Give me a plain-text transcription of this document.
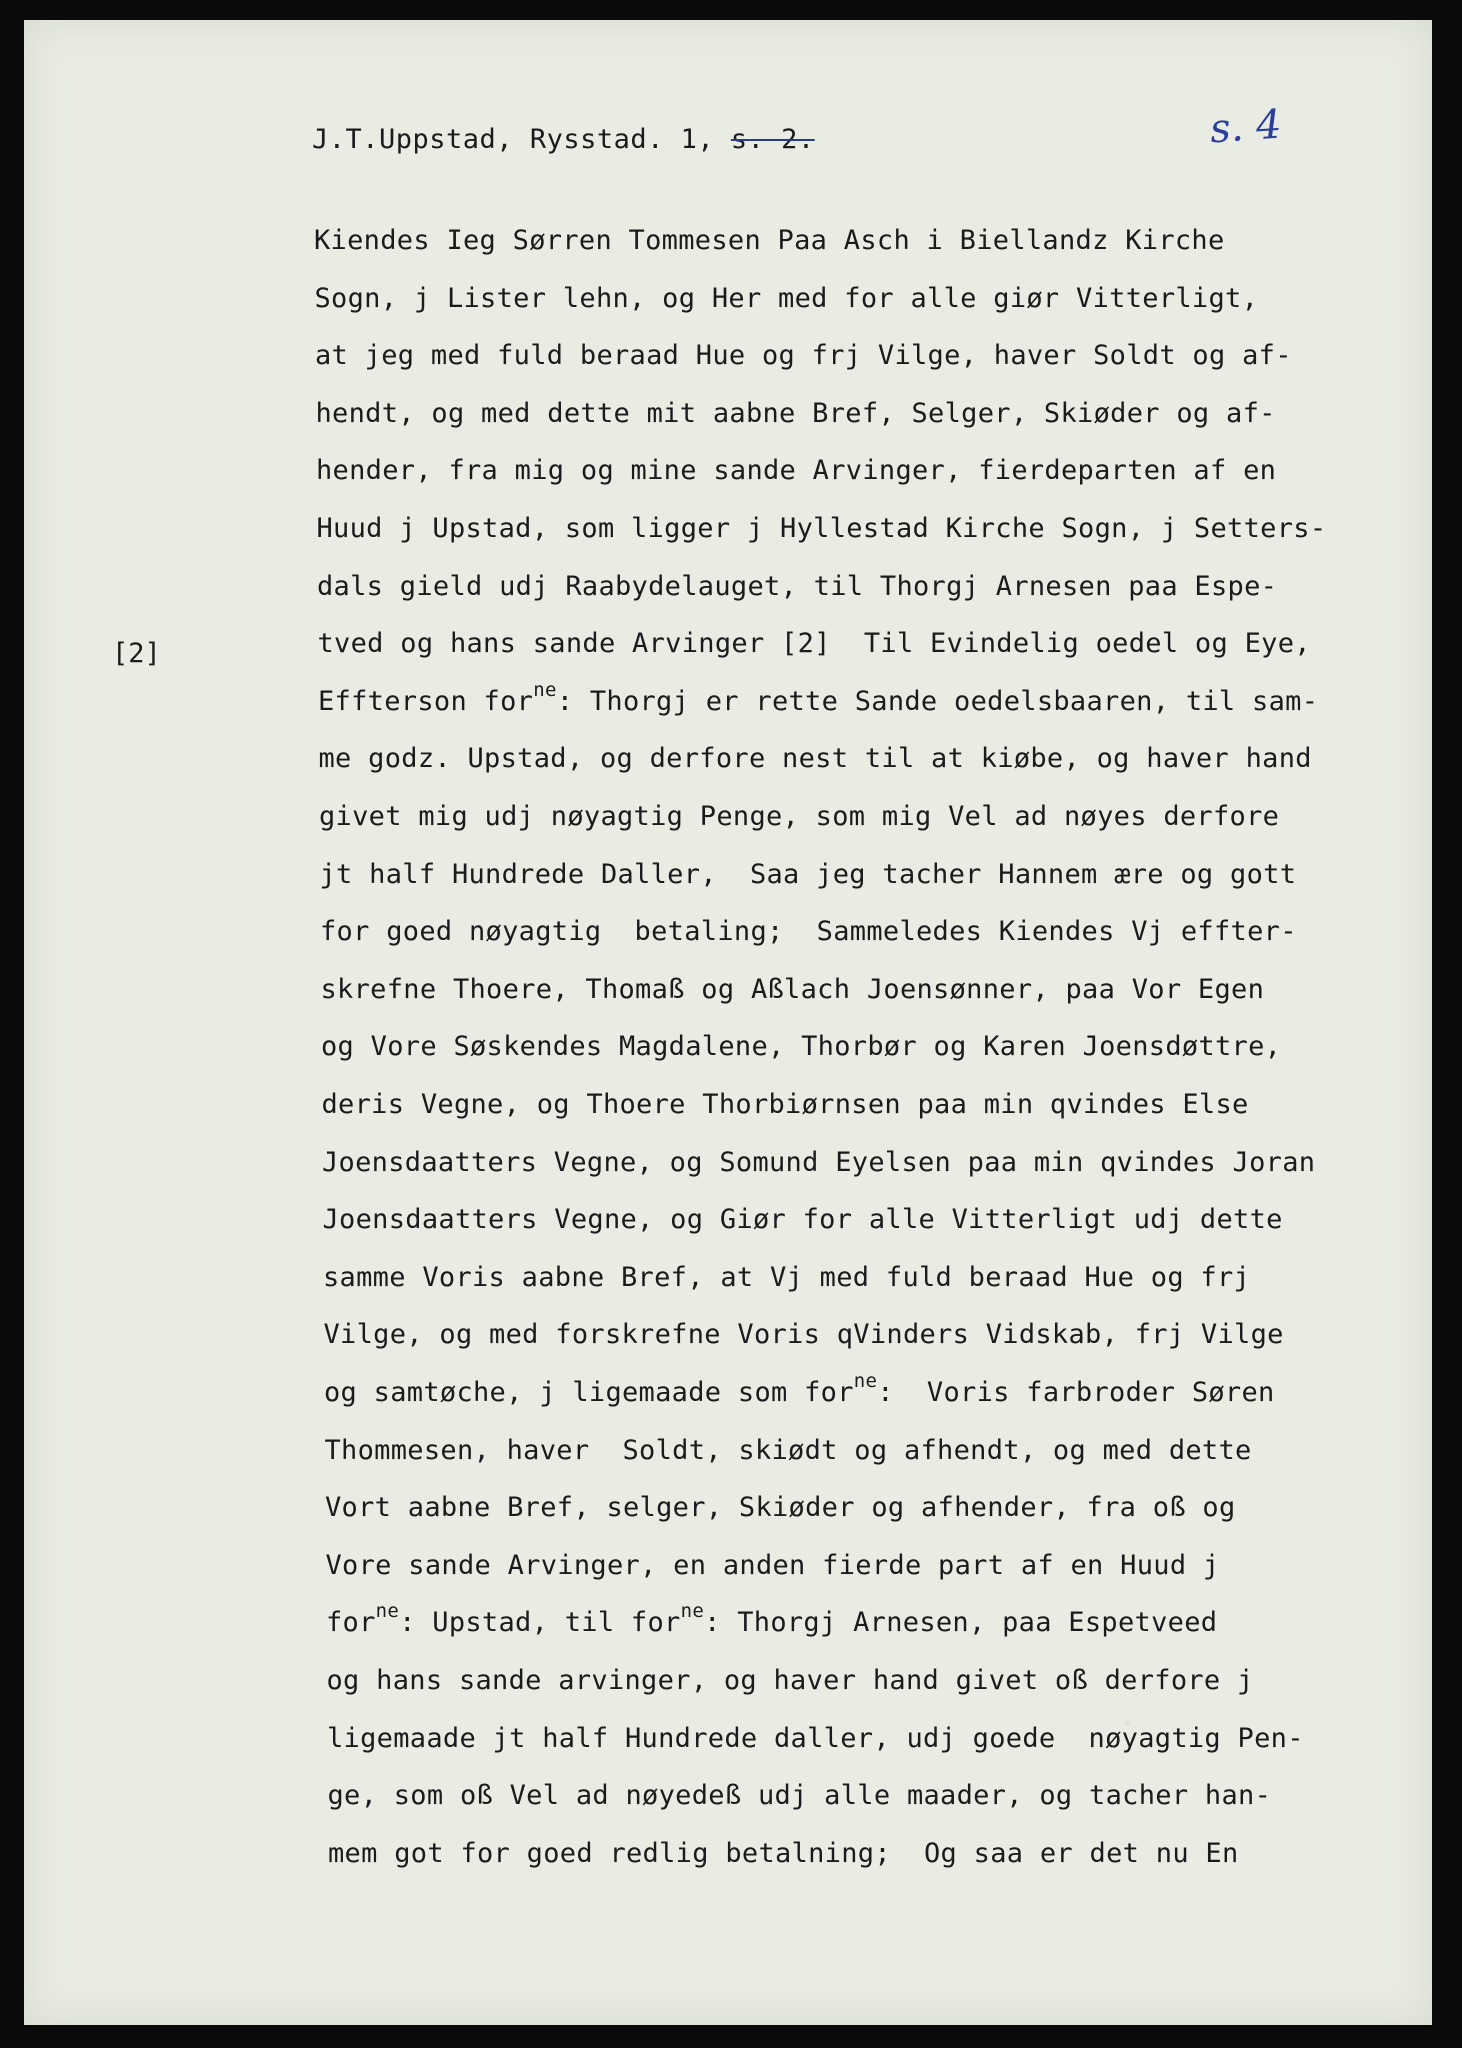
J.T.Uppstad, Rysstad. 1, s. 2.	s. 4
[2]
Kiendes Ieg Sørren Tommesen Paa Asch i Biellandz Kirche
Sogn, j Lister lehn, og Her med for alle giør Vitterligt,
at jeg med fuld beraad Hue og frj Vilge, haver Soldt og af-
hendt, og med dette mit aabne Bref, Selger, Skiøder og af-
hender, fra mig og mine sande Arvinger, fierdeparten af en
Huud j Upstad, som ligger j Hyllestad Kirche Sogn, j Setters-
dals gield udj Raabydelauget, til Thorgj Arnesen paa Espe-
tved og hans sande Arvinger [2]  Til Evindelig oedel og Eye,
Effterson for$^{ne}$: Thorgj er rette Sande oedelsbaaren, til sam-
me godz. Upstad, og derfore nest til at kiøbe, og haver hand
givet mig udj nøyagtig Penge, som mig Vel ad nøyes derfore
jt half Hundrede Daller,  Saa jeg tacher Hannem ære og gott
for goed nøyagtig  betaling;  Sammeledes Kiendes Vj effter-
skrefne Thoere, Thomaß og Aßlach Joensønner, paa Vor Egen
og Vore Søskendes Magdalene, Thorbør og Karen Joensdøttre,
deris Vegne, og Thoere Thorbiørnsen paa min qvindes Else
Joensdaatters Vegne, og Somund Eyelsen paa min qvindes Joran
Joensdaatters Vegne, og Giør for alle Vitterligt udj dette
samme Voris aabne Bref, at Vj med fuld beraad Hue og frj
Vilge, og med forskrefne Voris qVinders Vidskab, frj Vilge
og samtøche, j ligemaade som for$^{ne}$:  Voris farbroder Søren
Thommesen, haver  Soldt, skiødt og afhendt, og med dette
Vort aabne Bref, selger, Skiøder og afhender, fra oß og
Vore sande Arvinger, en anden fierde part af en Huud j
for$^{ne}$: Upstad, til for$^{ne}$: Thorgj Arnesen, paa Espetveed
og hans sande arvinger, og haver hand givet oß derfore j
ligemaade jt half Hundrede daller, udj goede  nøyagtig Pen-
ge, som oß Vel ad nøyedeß udj alle maader, og tacher han-
mem got for goed redlig betalning;  Og saa er det nu En
